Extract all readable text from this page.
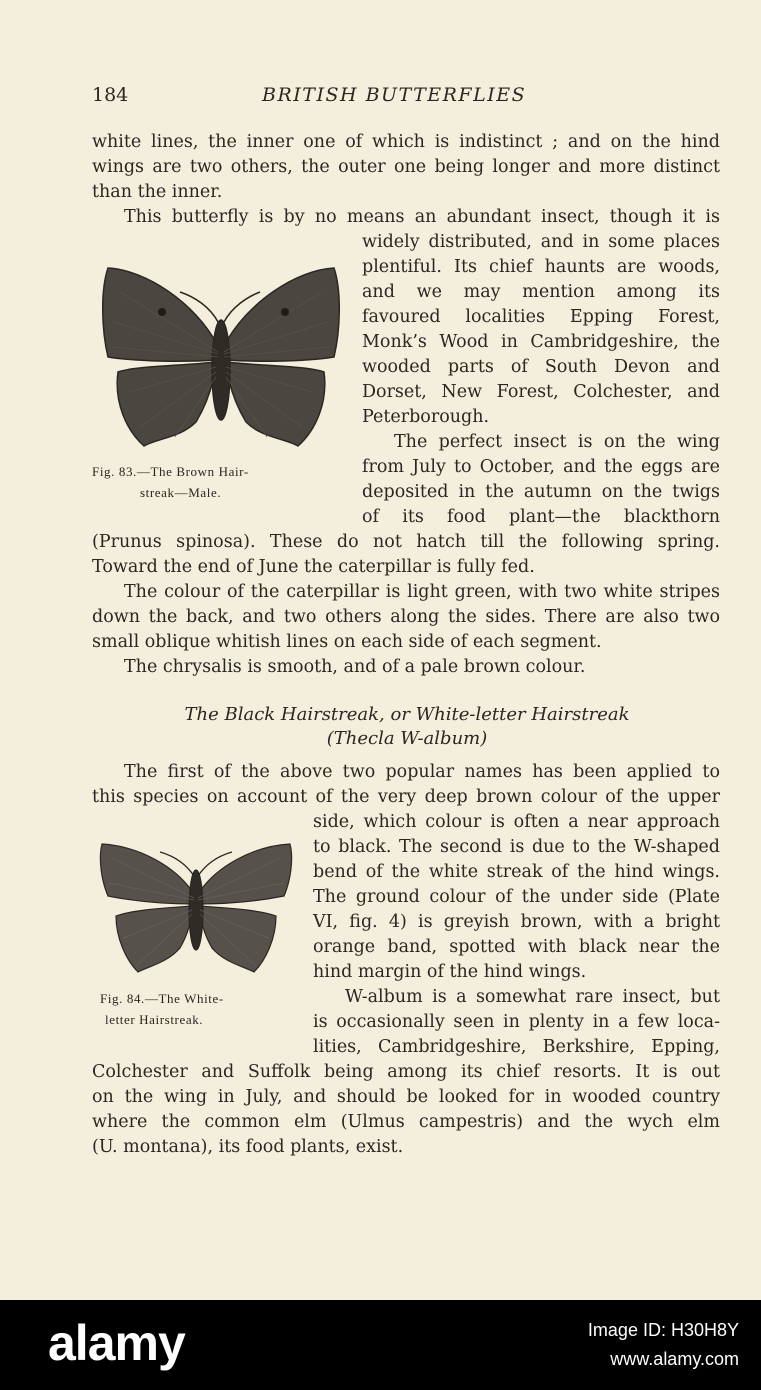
184	BRITISH BUTTERFLIES
white lines, the inner one of which is indistinct ; and on the hind
wings are two others, the outer one being longer and more distinct
than the inner.
This butterfly is by no means an abundant insect, though it is
widely distributed, and in some places
plentiful. Its chief haunts are woods,
and we may mention among its
favoured localities Epping Forest,
Monk’s Wood in Cambridgeshire, the
wooded parts of South Devon and
Dorset, New Forest, Colchester, and
Peterborough.
The perfect insect is on the wing
from July to October, and the eggs are
deposited in the autumn on the twigs
of its food plant—the blackthorn
Fig. 83.—The Brown Hair-
streak—Male.
(Prunus spinosa). These do not hatch till the following spring.
Toward the end of June the caterpillar is fully fed.
The colour of the caterpillar is light green, with two white stripes
down the back, and two others along the sides. There are also two
small oblique whitish lines on each side of each segment.
The chrysalis is smooth, and of a pale brown colour.
The Black Hairstreak, or White-letter Hairstreak
(Thecla W-album)
The first of the above two popular names has been applied to
this species on account of the very deep brown colour of the upper
side, which colour is often a near approach
to black. The second is due to the W-shaped
bend of the white streak of the hind wings.
The ground colour of the under side (Plate
VI, fig. 4) is greyish brown, with a bright
orange band, spotted with black near the
hind margin of the hind wings.
W-album is a somewhat rare insect, but
is occasionally seen in plenty in a few loca-
lities, Cambridgeshire, Berkshire, Epping,
Colchester and Suffolk being among its chief resorts. It is out
on the wing in July, and should be looked for in wooded country
where the common elm (Ulmus campestris) and the wych elm
(U. montana), its food plants, exist.
Fig. 84.—The White-
letter Hairstreak.
alamy	Image ID: H30H8Y
www.alamy.com
